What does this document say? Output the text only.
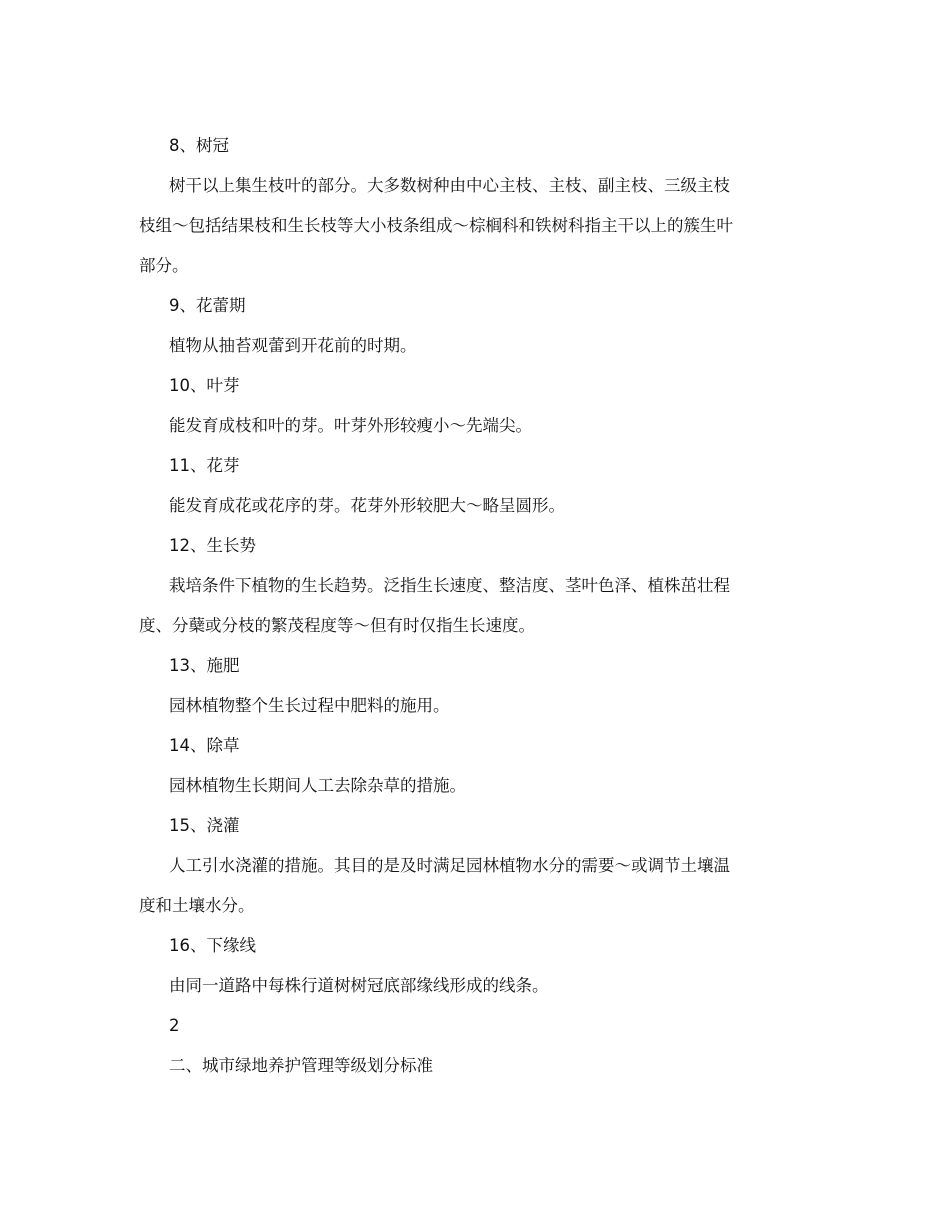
8、树冠
树干以上集生枝叶的部分。大多数树种由中心主枝、主枝、副主枝、三级主枝
枝组～包括结果枝和生长枝等大小枝条组成～棕榈科和铁树科指主干以上的簇生叶
部分。
9、花蕾期
植物从抽苔观蕾到开花前的时期。
10、叶芽
能发育成枝和叶的芽。叶芽外形较瘦小～先端尖。
11、花芽
能发育成花或花序的芽。花芽外形较肥大～略呈圆形。
12、生长势
栽培条件下植物的生长趋势。泛指生长速度、整洁度、茎叶色泽、植株茁壮程
度、分蘖或分枝的繁茂程度等～但有时仅指生长速度。
13、施肥
园林植物整个生长过程中肥料的施用。
14、除草
园林植物生长期间人工去除杂草的措施。
15、浇灌
人工引水浇灌的措施。其目的是及时满足园林植物水分的需要～或调节土壤温
度和土壤水分。
16、下缘线
由同一道路中每株行道树树冠底部缘线形成的线条。
2
二、城市绿地养护管理等级划分标准
